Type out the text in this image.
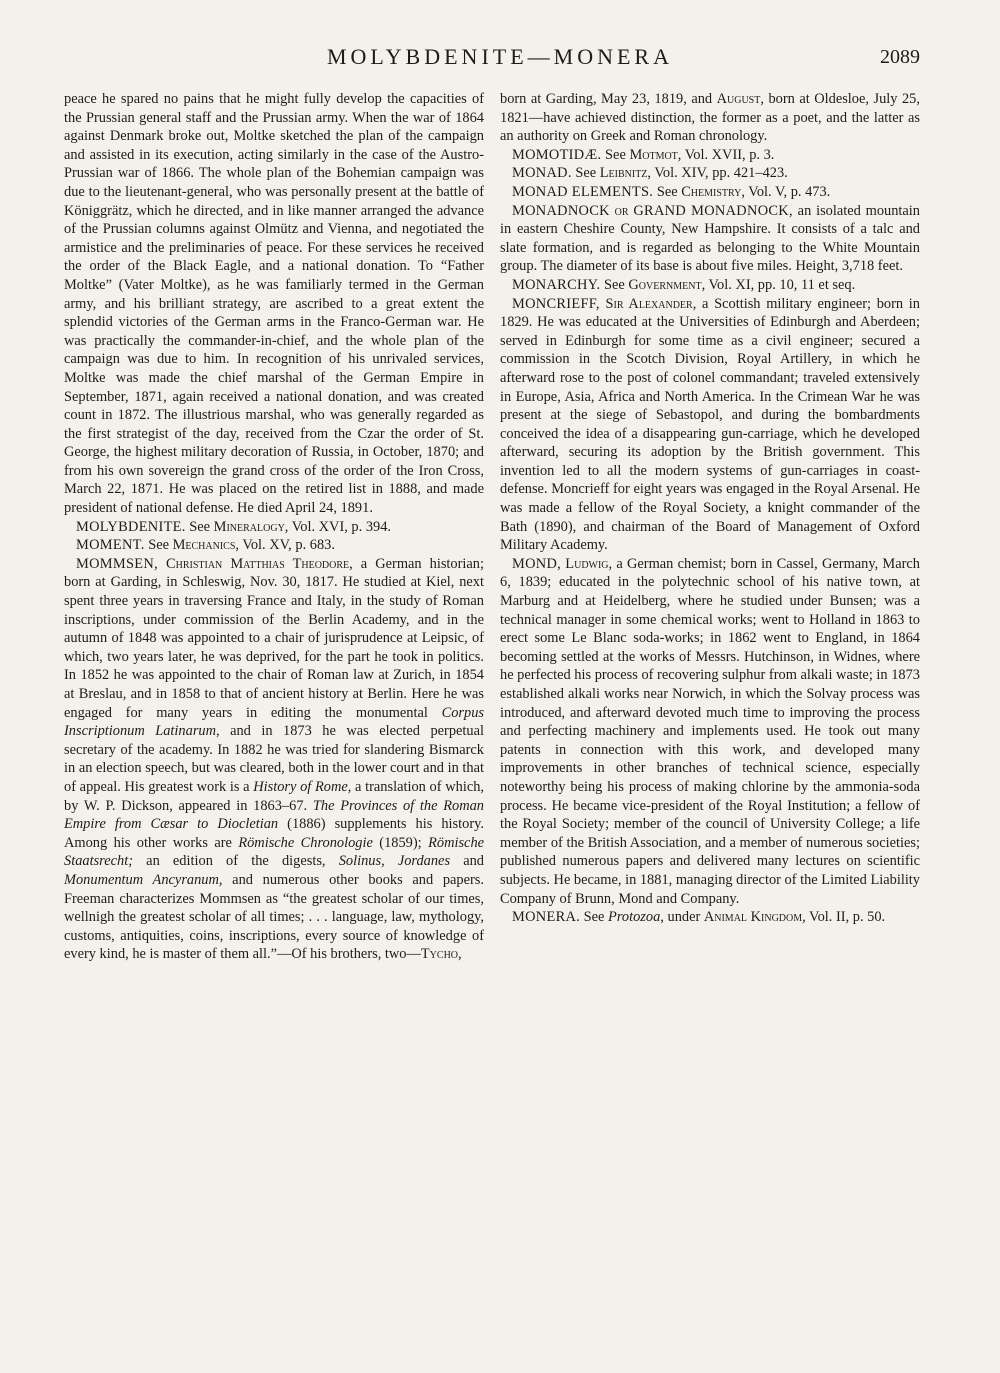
MOLYBDENITE—MONERA	2089

peace he spared no pains that he might fully develop the capacities of the Prussian general staff and the Prussian army. When the war of 1864 against Denmark broke out, Moltke sketched the plan of the campaign and assisted in its execution, acting similarly in the case of the Austro-Prussian war of 1866. The whole plan of the Bohemian campaign was due to the lieutenant-general, who was personally present at the battle of Königgrätz, which he directed, and in like manner arranged the advance of the Prussian columns against Olmütz and Vienna, and negotiated the armistice and the preliminaries of peace. For these services he received the order of the Black Eagle, and a national donation. To “Father Moltke” (Vater Moltke), as he was familiarly termed in the German army, and his brilliant strategy, are ascribed to a great extent the splendid victories of the German arms in the Franco-German war. He was practically the commander-in-chief, and the whole plan of the campaign was due to him. In recognition of his unrivaled services, Moltke was made the chief marshal of the German Empire in September, 1871, again received a national donation, and was created count in 1872. The illustrious marshal, who was generally regarded as the first strategist of the day, received from the Czar the order of St. George, the highest military decoration of Russia, in October, 1870; and from his own sovereign the grand cross of the order of the Iron Cross, March 22, 1871. He was placed on the retired list in 1888, and made president of national defense. He died April 24, 1891.

MOLYBDENITE. See Mineralogy, Vol. XVI, p. 394.

MOMENT. See Mechanics, Vol. XV, p. 683.

MOMMSEN, Christian Matthias Theodore, a German historian; born at Garding, in Schleswig, Nov. 30, 1817. He studied at Kiel, next spent three years in traversing France and Italy, in the study of Roman inscriptions, under commission of the Berlin Academy, and in the autumn of 1848 was appointed to a chair of jurisprudence at Leipsic, of which, two years later, he was deprived, for the part he took in politics. In 1852 he was appointed to the chair of Roman law at Zurich, in 1854 at Breslau, and in 1858 to that of ancient history at Berlin. Here he was engaged for many years in editing the monumental Corpus Inscriptionum Latinarum, and in 1873 he was elected perpetual secretary of the academy. In 1882 he was tried for slandering Bismarck in an election speech, but was cleared, both in the lower court and in that of appeal. His greatest work is a History of Rome, a translation of which, by W. P. Dickson, appeared in 1863–67. The Provinces of the Roman Empire from Cæsar to Diocletian (1886) supplements his history. Among his other works are Römische Chronologie (1859); Römische Staatsrecht; an edition of the digests, Solinus, Jordanes and Monumentum Ancyranum, and numerous other books and papers. Freeman characterizes Mommsen as “the greatest scholar of our times, wellnigh the greatest scholar of all times; . . . language, law, mythology, customs, antiquities, coins, inscriptions, every source of knowledge of every kind, he is master of them all.”—Of his brothers, two—Tycho,

born at Garding, May 23, 1819, and August, born at Oldesloe, July 25, 1821—have achieved distinction, the former as a poet, and the latter as an authority on Greek and Roman chronology.

MOMOTIDÆ. See Motmot, Vol. XVII, p. 3.

MONAD. See Leibnitz, Vol. XIV, pp. 421–423.

MONAD ELEMENTS. See Chemistry, Vol. V, p. 473.

MONADNOCK or GRAND MONADNOCK, an isolated mountain in eastern Cheshire County, New Hampshire. It consists of a talc and slate formation, and is regarded as belonging to the White Mountain group. The diameter of its base is about five miles. Height, 3,718 feet.

MONARCHY. See Government, Vol. XI, pp. 10, 11 et seq.

MONCRIEFF, Sir Alexander, a Scottish military engineer; born in 1829. He was educated at the Universities of Edinburgh and Aberdeen; served in Edinburgh for some time as a civil engineer; secured a commission in the Scotch Division, Royal Artillery, in which he afterward rose to the post of colonel commandant; traveled extensively in Europe, Asia, Africa and North America. In the Crimean War he was present at the siege of Sebastopol, and during the bombardments conceived the idea of a disappearing gun-carriage, which he developed afterward, securing its adoption by the British government. This invention led to all the modern systems of gun-carriages in coast-defense. Moncrieff for eight years was engaged in the Royal Arsenal. He was made a fellow of the Royal Society, a knight commander of the Bath (1890), and chairman of the Board of Management of Oxford Military Academy.

MOND, Ludwig, a German chemist; born in Cassel, Germany, March 6, 1839; educated in the polytechnic school of his native town, at Marburg and at Heidelberg, where he studied under Bunsen; was a technical manager in some chemical works; went to Holland in 1863 to erect some Le Blanc soda-works; in 1862 went to England, in 1864 becoming settled at the works of Messrs. Hutchinson, in Widnes, where he perfected his process of recovering sulphur from alkali waste; in 1873 established alkali works near Norwich, in which the Solvay process was introduced, and afterward devoted much time to improving the process and perfecting machinery and implements used. He took out many patents in connection with this work, and developed many improvements in other branches of technical science, especially noteworthy being his process of making chlorine by the ammonia-soda process. He became vice-president of the Royal Institution; a fellow of the Royal Society; member of the council of University College; a life member of the British Association, and a member of numerous societies; published numerous papers and delivered many lectures on scientific subjects. He became, in 1881, managing director of the Limited Liability Company of Brunn, Mond and Company.

MONERA. See Protozoa, under Animal Kingdom, Vol. II, p. 50.
